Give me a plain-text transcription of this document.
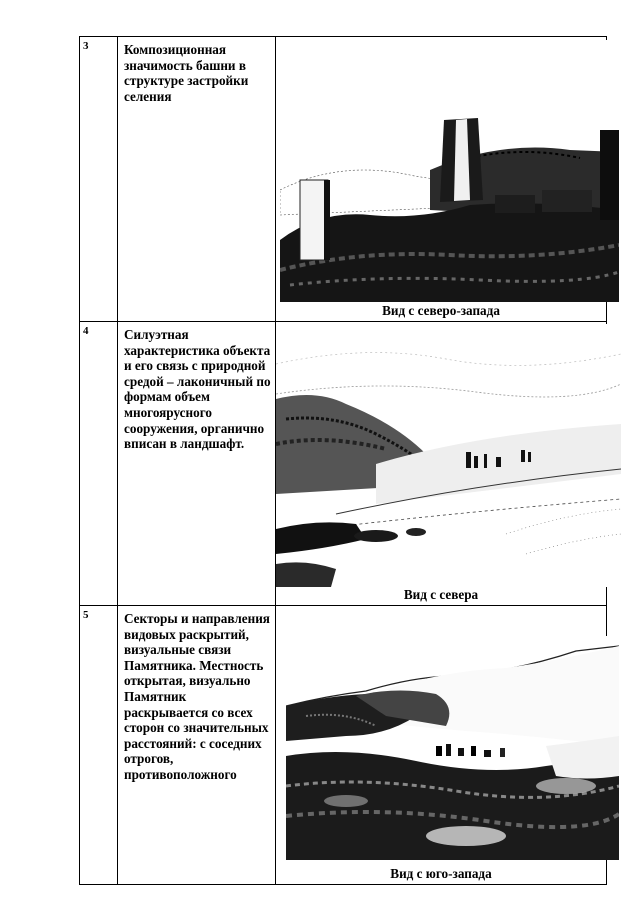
3	Композиционная значимость башни в структуре застройки селения	Вид с северо-запада

4	Силуэтная характеристика объекта и его связь с природной средой – лаконичный по формам объем многоярусного сооружения, органично вписан в ландшафт.	Вид с севера

5	Секторы и направления видовых раскрытий, визуальные связи Памятника. Местность открытая, визуально Памятник раскрывается со всех сторон со значительных расстояний: с соседних отрогов, противоположного	Вид с юго-запада
